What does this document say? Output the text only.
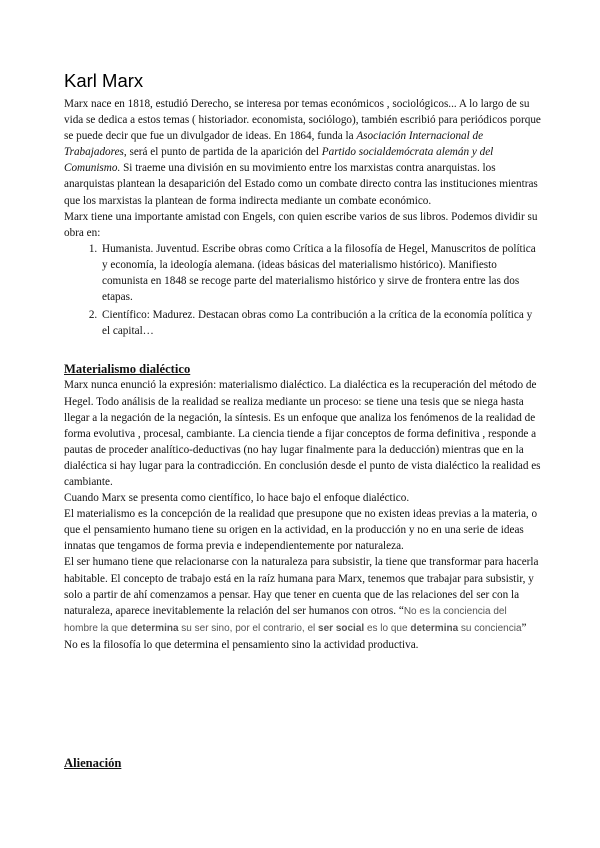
Karl Marx

Marx nace en 1818, estudió Derecho, se interesa por temas económicos , sociológicos... A lo largo de su vida se dedica a estos temas ( historiador. economista, sociólogo), también escribió para periódicos porque se puede decir que fue un divulgador de ideas. En 1864, funda la Asociación Internacional de Trabajadores, será el punto de partida de la aparición del Partido socialdemócrata alemán y del Comunismo. Si traeme una división en su movimiento entre los marxistas contra anarquistas. los anarquistas plantean la desaparición del Estado como un combate directo contra las instituciones mientras que los marxistas la plantean de forma indirecta mediante un combate económico.

Marx tiene una importante amistad con Engels, con quien escribe varios de sus libros. Podemos dividir su obra en:

1. Humanista. Juventud. Escribe obras como Crítica a la filosofía de Hegel, Manuscritos de política y economía, la ideología alemana. (ideas básicas del materialismo histórico). Manifiesto comunista en 1848 se recoge parte del materialismo histórico y sirve de frontera entre las dos etapas.
2. Científico: Madurez. Destacan obras como La contribución a la crítica de la economía política y el capital…
Materialismo dialéctico

Marx nunca enunció la expresión: materialismo dialéctico. La dialéctica es la recuperación del método de Hegel. Todo análisis de la realidad se realiza mediante un proceso: se tiene una tesis que se niega hasta llegar a la negación de la negación, la síntesis. Es un enfoque que analiza los fenómenos de la realidad de forma evolutiva , procesal, cambiante. La ciencia tiende a fijar conceptos de forma definitiva , responde a pautas de proceder analítico-deductivas (no hay lugar finalmente para la deducción) mientras que en la dialéctica si hay lugar para la contradicción. En conclusión desde el punto de vista dialéctico la realidad es cambiante.

Cuando Marx se presenta como científico, lo hace bajo el enfoque dialéctico.

El materialismo es la concepción de la realidad que presupone que no existen ideas previas a la materia, o que el pensamiento humano tiene su origen en la actividad, en la producción y no en una serie de ideas innatas que tengamos de forma previa e independientemente por naturaleza.

El ser humano tiene que relacionarse con la naturaleza para subsistir, la tiene que transformar para hacerla habitable. El concepto de trabajo está en la raíz humana para Marx, tenemos que trabajar para subsistir, y solo a partir de ahí comenzamos a pensar. Hay que tener en cuenta que de las relaciones del ser con la naturaleza, aparece inevitablemente la relación del ser humanos con otros. “No es la conciencia del hombre la que determina su ser sino, por el contrario, el ser social es lo que determina su conciencia” No es la filosofía lo que determina el pensamiento sino la actividad productiva.

Alienación
